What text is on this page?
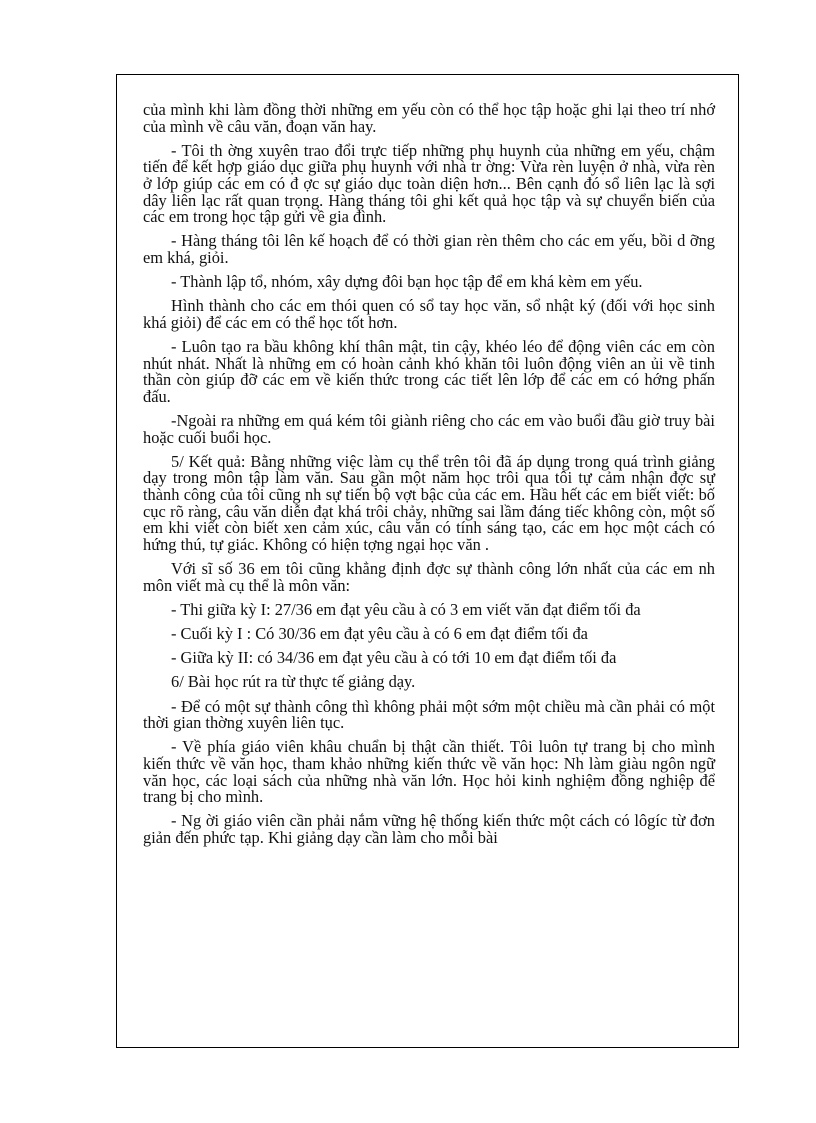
của mình khi làm đồng thời những em yếu còn có thể học tập hoặc ghi lại theo trí nhớ của mình về câu văn, đoạn văn hay.

- Tôi th ờng xuyên trao đổi trực tiếp những phụ huynh của những em yếu, chậm tiến để kết hợp giáo dục giữa phụ huynh với nhà tr ờng: Vừa rèn luyện ở nhà, vừa rèn ở lớp giúp các em có đ ợc sự giáo dục toàn diện hơn... Bên cạnh đó sổ liên lạc là sợi dây liên lạc rất quan trọng. Hàng tháng tôi ghi kết quả học tập và sự chuyển biến của các em trong học tập gửi về gia đình.

- Hàng tháng tôi lên kế hoạch để có thời gian rèn thêm cho các em yếu, bồi d ỡng em khá, giỏi.

- Thành lập tổ, nhóm, xây dựng đôi bạn học tập để em khá kèm em yếu.

Hình thành cho các em thói quen có sổ tay học văn, sổ nhật ký (đối với học sinh khá giỏi) để các em có thể học tốt hơn.

- Luôn tạo ra bầu không khí thân mật, tin cậy, khéo léo để động viên các em còn nhút nhát. Nhất là những em có hoàn cảnh khó khăn tôi luôn động viên an ủi về tinh thần còn giúp đỡ các em về kiến thức trong các tiết lên lớp để các em có hớng phấn đấu.

-Ngoài ra những em quá kém tôi giành riêng cho các em vào buổi đầu giờ truy bài hoặc cuối buổi học.

5/ Kết quả: Bằng những việc làm cụ thể trên tôi đã áp dụng trong quá trình giảng dạy trong môn tập làm văn. Sau gần một năm học trôi qua tôi tự cảm nhận đợc sự thành công của tôi cũng nh sự tiến bộ vợt bậc của các em. Hầu hết các em biết viết: bố cục rõ ràng, câu văn diễn đạt khá trôi chảy, những sai lầm đáng tiếc không còn, một số em khi viết còn biết xen cảm xúc, câu văn có tính sáng tạo, các em học một cách có hứng thú, tự giác. Không có hiện tợng ngại học văn .

Với sĩ số 36 em tôi cũng khẳng định đợc sự thành công lớn nhất của các em nh môn viết mà cụ thể là môn văn:

- Thi giữa kỳ I: 27/36 em đạt yêu cầu à có 3 em viết văn đạt điểm tối đa

- Cuối kỳ I : Có 30/36 em đạt yêu cầu à có 6 em đạt điểm tối đa

- Giữa kỳ II: có 34/36 em đạt yêu cầu à có tới 10 em đạt điểm tối đa

6/ Bài học rút ra từ thực tế giảng dạy.

- Để có một sự thành công thì không phải một sớm một chiều mà cần phải có một thời gian thờng xuyên liên tục.

- Về phía giáo viên khâu chuẩn bị thật cần thiết. Tôi luôn tự trang bị cho mình kiến thức về văn học, tham khảo những kiến thức về văn học: Nh làm giàu ngôn ngữ văn học, các loại sách của những nhà văn lớn. Học hỏi kinh nghiệm đồng nghiệp để trang bị cho mình.

- Ng ời giáo viên cần phải nắm vững hệ thống kiến thức một cách có lôgíc từ đơn giản đến phức tạp. Khi giảng dạy cần làm cho mỗi bài
